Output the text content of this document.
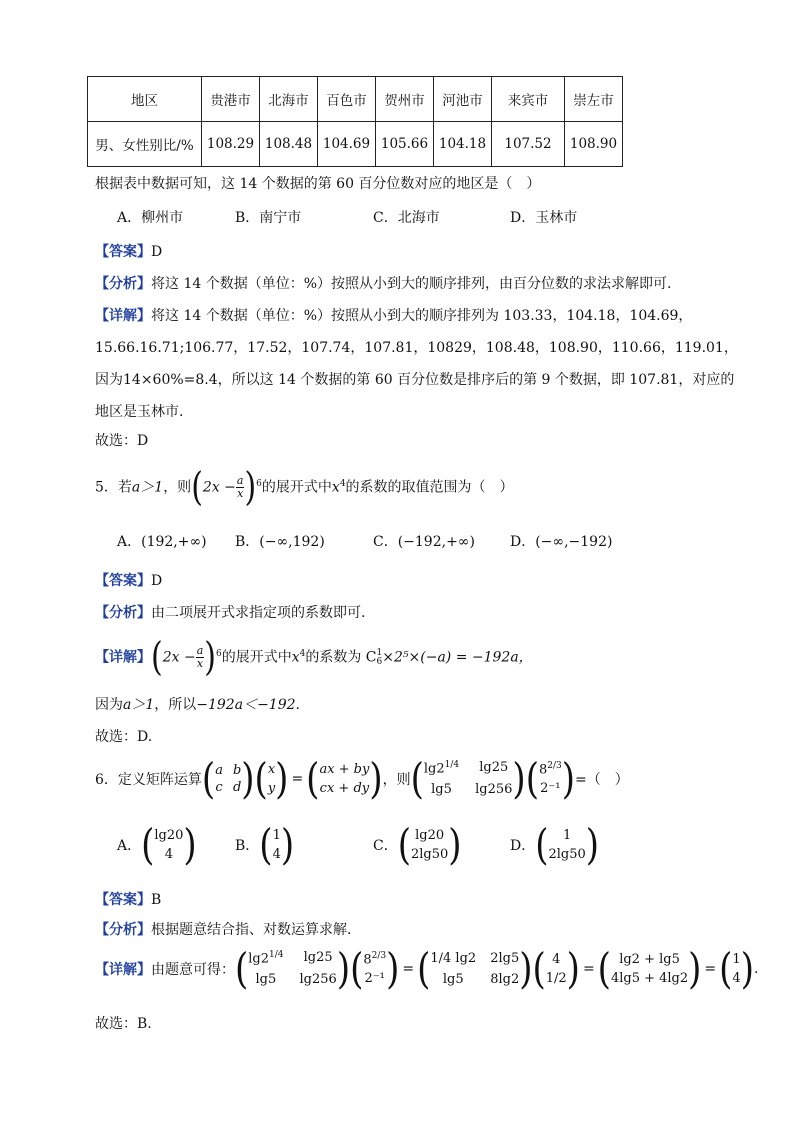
地区	贵港市	北海市	百色市	贺州市	河池市	来宾市	崇左市
男、女性别比/%	108.29	108.48	104.69	105.66	104.18	107.52	108.90
根据表中数据可知，这 14 个数据的第 60 百分位数对应的地区是（　）
A．柳州市	B．南宁市	C．北海市	D．玉林市
【答案】D
【分析】将这 14 个数据（单位：%）按照从小到大的顺序排列，由百分位数的求法求解即可.
【详解】将这 14 个数据（单位：%）按照从小到大的顺序排列为 103.33，104.18，104.69，
15.66.16.71;106.77，17.52，107.74，107.81，10829，108.48，108.90，110.66，119.01，
因为14×60%=8.4，所以这 14 个数据的第 60 百分位数是排序后的第 9 个数据，即 107.81，对应的
地区是玉林市.
故选：D
5．若a＞1，则$(2x - \frac{a}{x} )^6$的展开式中$x^4$的系数的取值范围为（　）
A．(192,+∞) B．(−∞,192)	C．(−192,+∞)	D．(−∞,−192)
【答案】D
【分析】由二项展开式求指定项的系数即可.
【详解】$(2x - \frac{a}{x} )^6$的展开式中$x^4$的系数为 C 1
6 ×2⁵×(−a) = −192a，
因为a＞1，所以−192a＜−192.
故选：D.
6．定义矩阵运算 ( a b
c d ) ( x
y ) = ( ax + by
cx + dy ) ，则 ( $\lg 2^{1/4}$	lg25
lg5	lg256 ) ( $8^{2/3}$
2⁻¹ ) =（　）
A． ( lg20
4 )	B． ( 1
4 )	C． ( lg20
2lg50 )	D． (	1
2lg50 )
【答案】B
【分析】根据题意结合指、对数运算求解.
【详解】 由题意可得： ( $\lg 2^{1/4}$	lg25
lg5	lg256 ) ( $8^{2/3}$
2⁻¹ ) = ( 1/4 lg2 2lg5
lg5	8lg2 ) ( 4
1/2 ) = ( lg2 + lg5
4lg5 + 4lg2 ) = ( 1
4 ) .
故选：B.
